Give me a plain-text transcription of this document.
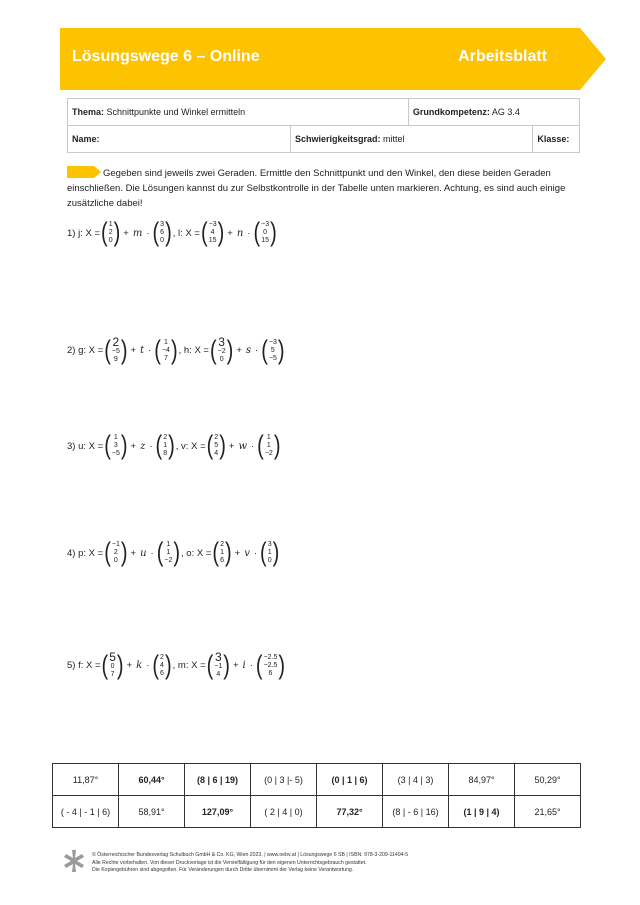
Lösungswege 6 – Online	Arbeitsblatt
Thema: Schnittpunkte und Winkel ermitteln		Grundkompetenz: AG 3.4	
Name:	Schwierigkeitsgrad: mittel		Klasse:
Gegeben sind jeweils zwei Geraden. Ermittle den Schnittpunkt und den Winkel, den diese beiden Geraden einschließen. Die Lösungen kannst du zur Selbstkontrolle in der Tabelle unten markieren. Achtung, es sind auch einige zusätzliche dabei!
1)
j: X = ( 1
2
0 ) + m · ( 3
6
0 ) , l: X = ( −3
4
15 ) + n · ( −3
0
15 )
2)
g: X = ( 2
−5
9 ) + t · ( 1
−4
7 ) , h: X = ( 3
−2
0 ) + s · ( −3
5
−5 )
3)
u: X = ( 1
3
−5 ) + z · ( 2
1
8 ) , v: X = ( 2
5
4 ) + w · ( 1
1
−2 )
4)
p: X = ( −1
2
0 ) + u · ( 1
1
−2 ) , o: X = ( 2
1
6 ) + v · ( 3
1
0 )
5)
f: X = ( 5
0
7 ) + k · ( 2
4
6 ) , m: X = ( 3
−1
4 ) + i · ( −2.5
−2.5
6 )
11,87°	60,44°	(8 | 6 | 19)	(0 | 3 |- 5)	(0 | 1 | 6)	(3 | 4 | 3)	84,97°	50,29°
( - 4 | - 1 | 6)	58,91°	127,09°	( 2 | 4 | 0)	77,32°	(8 | - 6 | 16)	(1 | 9 | 4)	21,65°
© Österreichischer Bundesverlag Schulbuch GmbH & Co. KG, Wien 2023. | www.oebv.at | Lösungswege 6 SB | ISBN: 978-3-209-11494-5
Alle Rechte vorbehalten. Von dieser Druckvorlage ist die Vervielfältigung für den eigenen Unterrichtsgebrauch gestattet.
Die Kopiergebühren sind abgegolten. Für Veränderungen durch Dritte übernimmt der Verlag keine Verantwortung.
